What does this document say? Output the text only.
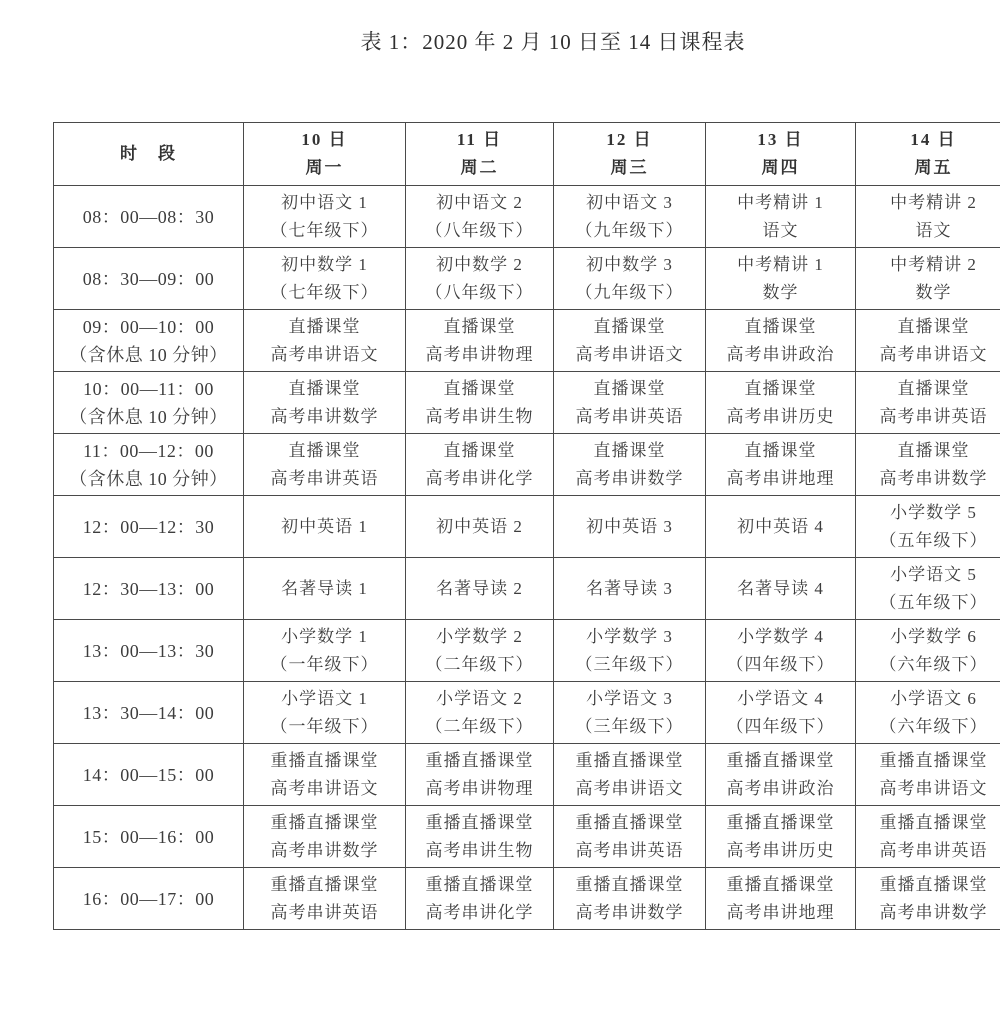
表 1：2020 年 2 月 10 日至 14 日课程表
时　段

10 日
周一

11 日
周二

12 日
周三

13 日
周四

14 日
周五

08：00—08：30

初中语文 1
（七年级下）

初中语文 2
（八年级下）

初中语文 3
（九年级下）

中考精讲 1
语文

中考精讲 2
语文

08：30—09：00

初中数学 1
（七年级下）

初中数学 2
（八年级下）

初中数学 3
（九年级下）

中考精讲 1
数学

中考精讲 2
数学

09：00—10：00
（含休息 10 分钟）

直播课堂
高考串讲语文

直播课堂
高考串讲物理

直播课堂
高考串讲语文

直播课堂
高考串讲政治

直播课堂
高考串讲语文

10：00—11：00
（含休息 10 分钟）

直播课堂
高考串讲数学

直播课堂
高考串讲生物

直播课堂
高考串讲英语

直播课堂
高考串讲历史

直播课堂
高考串讲英语

11：00—12：00
（含休息 10 分钟）

直播课堂
高考串讲英语

直播课堂
高考串讲化学

直播课堂
高考串讲数学

直播课堂
高考串讲地理

直播课堂
高考串讲数学

12：00—12：30	初中英语 1	初中英语 2	初中英语 3	初中英语 4	小学数学 5
（五年级下）

12：30—13：00	名著导读 1	名著导读 2	名著导读 3	名著导读 4	小学语文 5
（五年级下）

13：00—13：30

小学数学 1
（一年级下）

小学数学 2
（二年级下）

小学数学 3
（三年级下）

小学数学 4
（四年级下）

小学数学 6
（六年级下）

13：30—14：00

小学语文 1
（一年级下）

小学语文 2
（二年级下）

小学语文 3
（三年级下）

小学语文 4
（四年级下）

小学语文 6
（六年级下）

14：00—15：00

重播直播课堂
高考串讲语文

重播直播课堂
高考串讲物理

重播直播课堂
高考串讲语文

重播直播课堂
高考串讲政治

重播直播课堂
高考串讲语文

15：00—16：00

重播直播课堂
高考串讲数学

重播直播课堂
高考串讲生物

重播直播课堂
高考串讲英语

重播直播课堂
高考串讲历史

重播直播课堂
高考串讲英语

16：00—17：00

重播直播课堂
高考串讲英语

重播直播课堂
高考串讲化学

重播直播课堂
高考串讲数学

重播直播课堂
高考串讲地理

重播直播课堂
高考串讲数学
